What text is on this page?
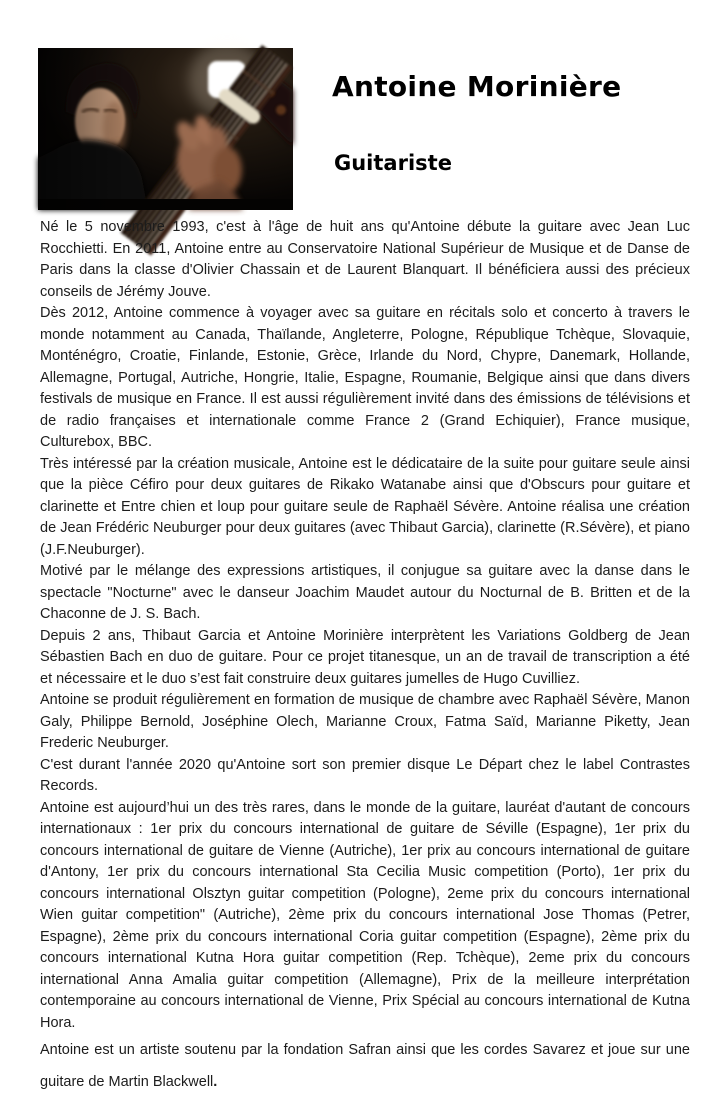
Antoine Morinière
Guitariste

Né le 5 novembre 1993, c'est à l'âge de huit ans qu'Antoine débute la guitare avec Jean Luc Rocchietti. En 2011, Antoine entre au Conservatoire National Supérieur de Musique et de Danse de Paris dans la classe d'Olivier Chassain et de Laurent Blanquart. Il bénéficiera aussi des précieux conseils de Jérémy Jouve.

Dès 2012, Antoine commence à voyager avec sa guitare en récitals solo et concerto à travers le monde notamment au Canada, Thaïlande, Angleterre, Pologne, République Tchèque, Slovaquie, Monténégro, Croatie, Finlande, Estonie, Grèce, Irlande du Nord, Chypre, Danemark, Hollande, Allemagne, Portugal, Autriche, Hongrie, Italie, Espagne, Roumanie, Belgique ainsi que dans divers festivals de musique en France. Il est aussi régulièrement invité dans des émissions de télévisions et de radio françaises et internationale comme France 2 (Grand Echiquier), France musique, Culturebox, BBC.

Très intéressé par la création musicale, Antoine est le dédicataire de la suite pour guitare seule ainsi que la pièce Céfiro pour deux guitares de Rikako Watanabe ainsi que d'Obscurs pour guitare et clarinette et Entre chien et loup pour guitare seule de Raphaël Sévère. Antoine réalisa une création de Jean Frédéric Neuburger pour deux guitares (avec Thibaut Garcia), clarinette (R.Sévère), et piano (J.F.Neuburger).

Motivé par le mélange des expressions artistiques, il conjugue sa guitare avec la danse dans le spectacle "Nocturne" avec le danseur Joachim Maudet autour du Nocturnal de B. Britten et de la Chaconne de J. S. Bach.

Depuis 2 ans, Thibaut Garcia et Antoine Morinière interprètent les Variations Goldberg de Jean Sébastien Bach en duo de guitare. Pour ce projet titanesque, un an de travail de transcription a été et nécessaire et le duo s’est fait construire deux guitares jumelles de Hugo Cuvilliez.

Antoine se produit régulièrement en formation de musique de chambre avec Raphaël Sévère, Manon Galy, Philippe Bernold, Joséphine Olech, Marianne Croux, Fatma Saïd, Marianne Piketty, Jean Frederic Neuburger.

C'est durant l'année 2020 qu'Antoine sort son premier disque Le Départ chez le label Contrastes Records.

Antoine est aujourd’hui un des très rares, dans le monde de la guitare, lauréat d'autant de concours internationaux : 1er prix du concours international de guitare de Séville (Espagne), 1er prix du concours international de guitare de Vienne (Autriche), 1er prix au concours international de guitare d'Antony, 1er prix du concours international Sta Cecilia Music competition (Porto), 1er prix du concours international Olsztyn guitar competition (Pologne), 2eme prix du concours international Wien guitar competition" (Autriche), 2ème prix du concours international Jose Thomas (Petrer, Espagne), 2ème prix du concours international Coria guitar competition (Espagne), 2ème prix du concours international Kutna Hora guitar competition (Rep. Tchèque), 2eme prix du concours international Anna Amalia guitar competition (Allemagne), Prix de la meilleure interprétation contemporaine au concours international de Vienne, Prix Spécial au concours international de Kutna Hora.

Antoine est un artiste soutenu par la fondation Safran ainsi que les cordes Savarez et joue sur une guitare de Martin Blackwell.
